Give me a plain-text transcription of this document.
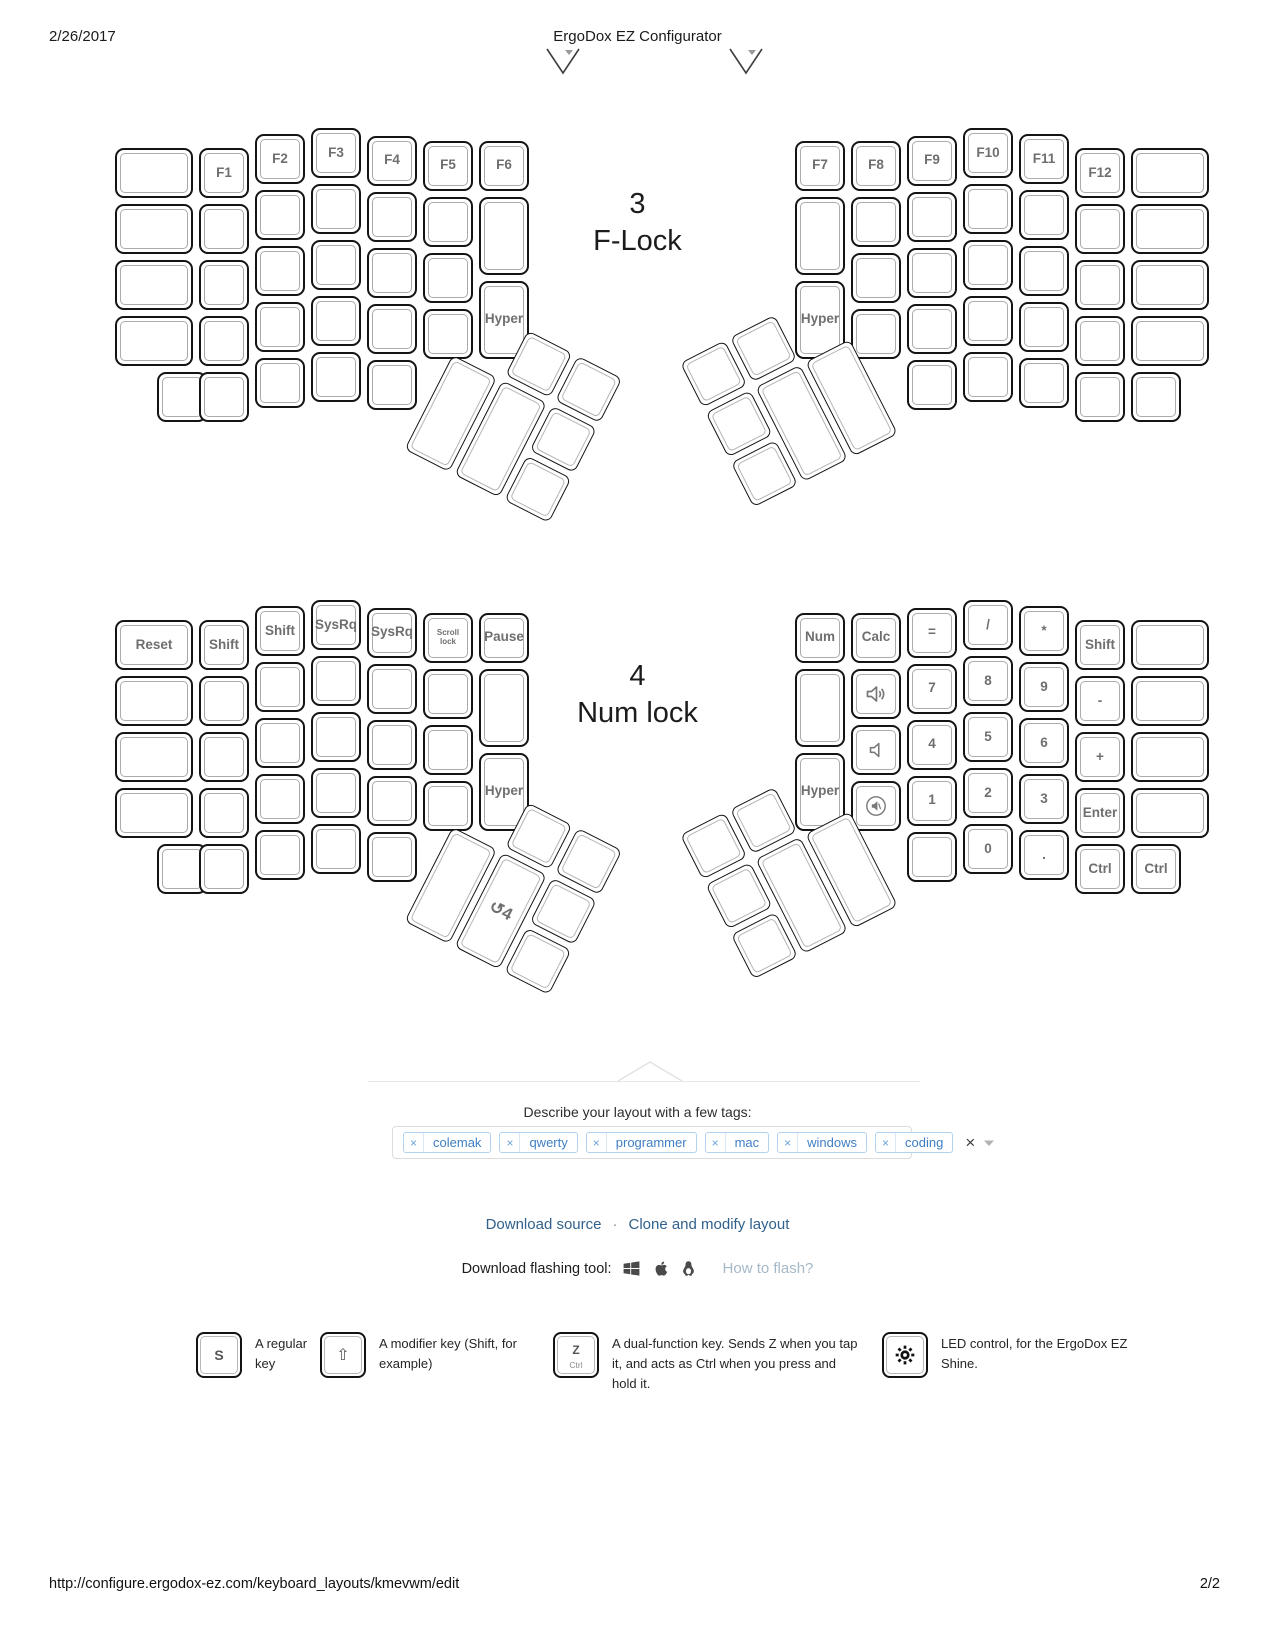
2/26/2017	ErgoDox EZ Configurator
F1
F2	F3
F4	F5	F6
Hyper
F7
Hyper
F8	F9
F10 F11
F12
3
F-Lock
Reset	Shift
Shift SysRq
SysRq	Scroll lock	Pause
Hyper
Num
Hyper
Calc	=
7
4
1
/
8
5
2
0
*
9
6
3
.
Shift
-
+
Enter
Ctrl Ctrl
↺4
4
Num lock
Describe your layout with a few tags:
×	colemak	×	qwerty	×	programmer	×	mac	×	windows	×	coding	×
Download source · Clone and modify layout
Download flashing tool:	How to flash?
S
A regular key	⇧
A modifier key (Shift, for example)
Z
Ctrl
A dual-function key. Sends Z when you tap it, and acts as Ctrl when you press and hold it.
LED control, for the ErgoDox EZ Shine.
http://configure.ergodox-ez.com/keyboard_layouts/kmevwm/edit	2/2
